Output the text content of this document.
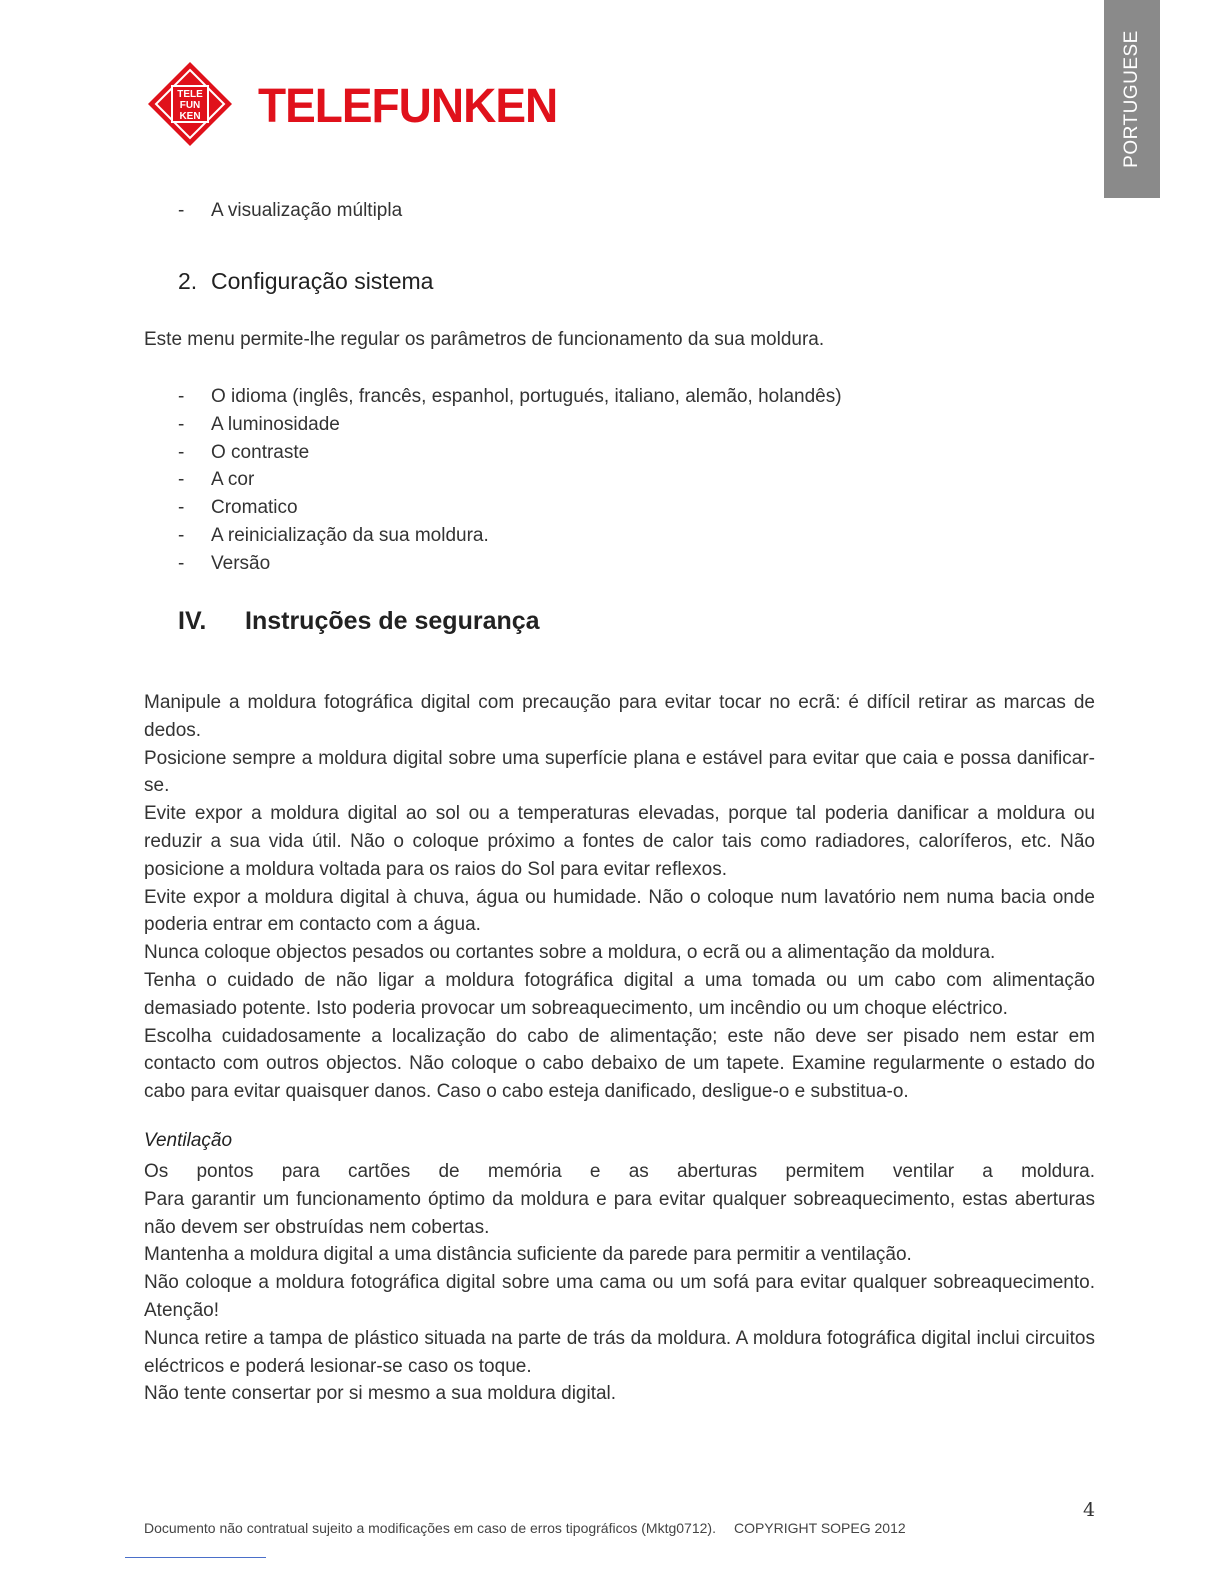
PORTUGUESE
TELE
FUN
KEN TELEFUNKEN
- A visualização múltipla
2. Configuração sistema
Este menu permite-lhe regular os parâmetros de funcionamento da sua moldura.
- O idioma (inglês, francês, espanhol, portugués, italiano, alemão, holandês)
- A luminosidade
- O contraste
- A cor
- Cromatico
- A reinicialização da sua moldura.
- Versão
IV. Instruções de segurança

Manipule a moldura fotográfica digital com precaução para evitar tocar no ecrã: é difícil retirar as marcas de dedos.

Posicione sempre a moldura digital sobre uma superfície plana e estável para evitar que caia e possa danificar-se.

Evite expor a moldura digital ao sol ou a temperaturas elevadas, porque tal poderia danificar a moldura ou reduzir a sua vida útil. Não o coloque próximo a fontes de calor tais como radiadores, caloríferos, etc. Não posicione a moldura voltada para os raios do Sol para evitar reflexos.

Evite expor a moldura digital à chuva, água ou humidade. Não o coloque num lavatório nem numa bacia onde poderia entrar em contacto com a água.

Nunca coloque objectos pesados ou cortantes sobre a moldura, o ecrã ou a alimentação da moldura.

Tenha o cuidado de não ligar a moldura fotográfica digital a uma tomada ou um cabo com alimentação demasiado potente. Isto poderia provocar um sobreaquecimento, um incêndio ou um choque eléctrico.

Escolha cuidadosamente a localização do cabo de alimentação; este não deve ser pisado nem estar em contacto com outros objectos. Não coloque o cabo debaixo de um tapete. Examine regularmente o estado do cabo para evitar quaisquer danos. Caso o cabo esteja danificado, desligue-o e substitua-o.

Ventilação

Os pontos para cartões de memória e as aberturas permitem ventilar a moldura.

Para garantir um funcionamento óptimo da moldura e para evitar qualquer sobreaquecimento, estas aberturas não devem ser obstruídas nem cobertas.

Mantenha a moldura digital a uma distância suficiente da parede para permitir a ventilação.

Não coloque a moldura fotográfica digital sobre uma cama ou um sofá para evitar qualquer sobreaquecimento. Atenção!

Nunca retire a tampa de plástico situada na parte de trás da moldura. A moldura fotográfica digital inclui circuitos eléctricos e poderá lesionar-se caso os toque.

Não tente consertar por si mesmo a sua moldura digital.

4
Documento não contratual sujeito a modificações em caso de erros tipográficos (Mktg0712). COPYRIGHT SOPEG 2012
